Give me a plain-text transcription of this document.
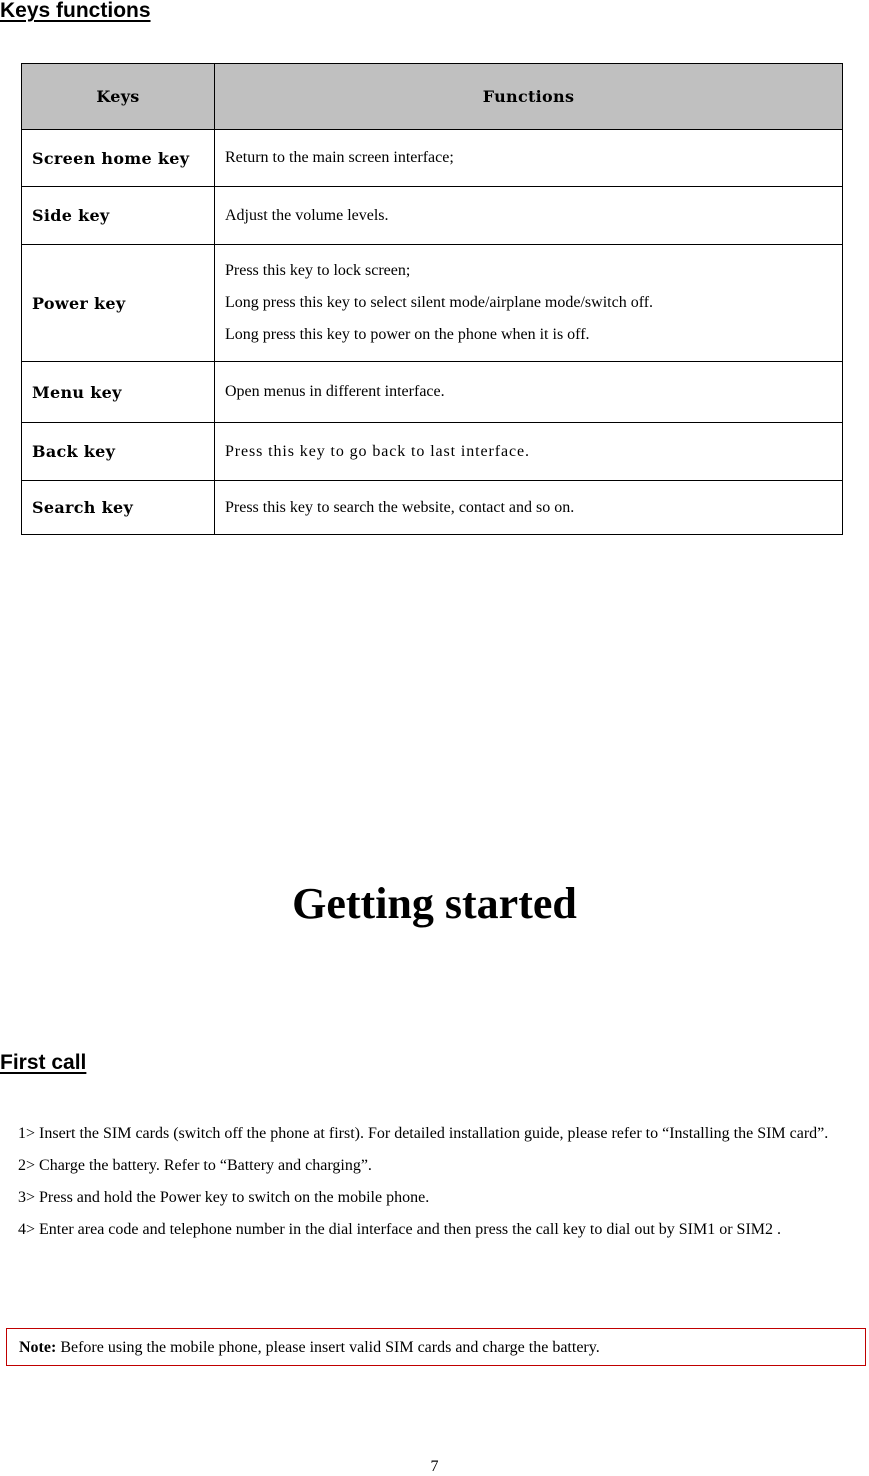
Keys functions
Keys	Functions
Screen home key	Return to the main screen interface;

Side key	Adjust the volume levels.

Power key	Press this key to lock screen;
Long press this key to select silent mode/airplane mode/switch off.
Long press this key to power on the phone when it is off.

Menu key	Open menus in different interface.

Back key	Press this key to go back to last interface.

Search key	Press this key to search the website, contact and so on.
Getting started
First call
1> Insert the SIM cards (switch off the phone at first). For detailed installation guide, please refer to “Installing the SIM card”.
2> Charge the battery. Refer to “Battery and charging”.
3> Press and hold the Power key to switch on the mobile phone.
4> Enter area code and telephone number in the dial interface and then press the call key to dial out by SIM1 or SIM2 .
Note: Before using the mobile phone, please insert valid SIM cards and charge the battery.
7
